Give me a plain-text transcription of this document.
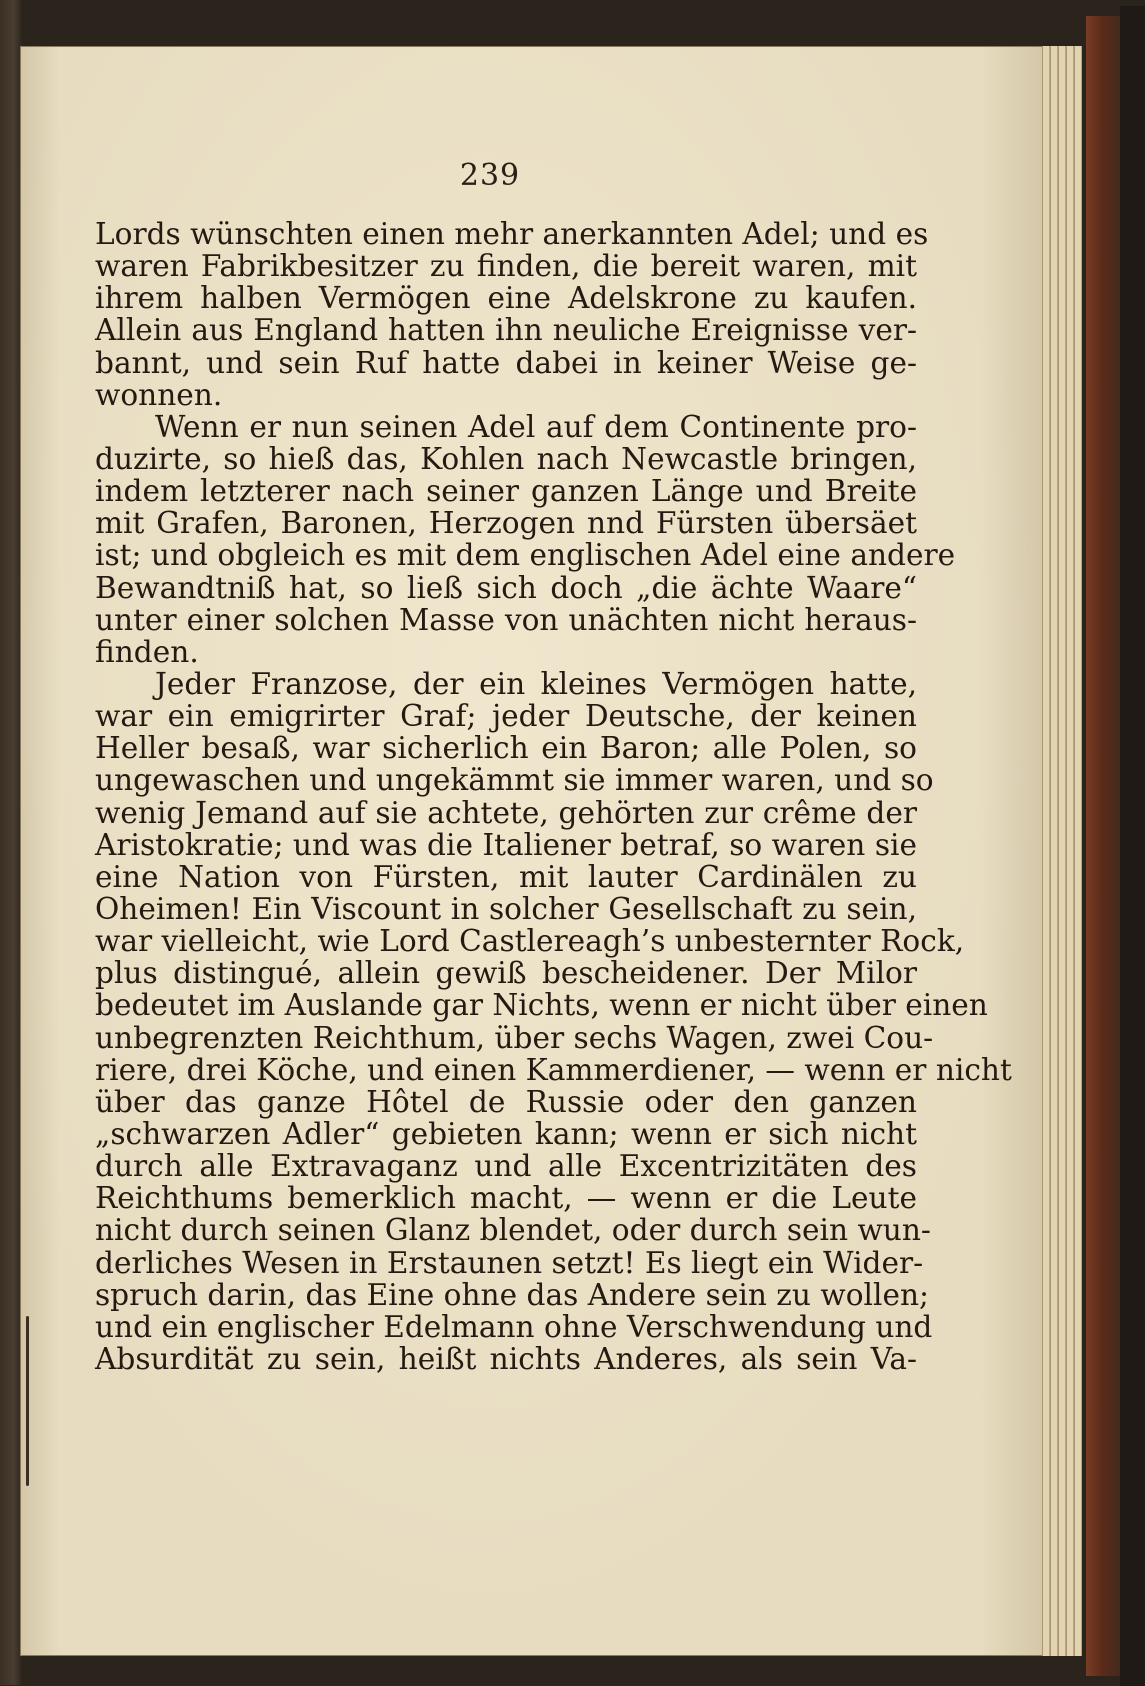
239
Lords wünschten einen mehr anerkannten Adel; und es
waren Fabrikbesitzer zu finden, die bereit waren, mit
ihrem halben Vermögen eine Adelskrone zu kaufen.
Allein aus England hatten ihn neuliche Ereignisse ver-
bannt, und sein Ruf hatte dabei in keiner Weise ge-
wonnen.
Wenn er nun seinen Adel auf dem Continente pro-
duzirte, so hieß das, Kohlen nach Newcastle bringen,
indem letzterer nach seiner ganzen Länge und Breite
mit Grafen, Baronen, Herzogen nnd Fürsten übersäet
ist; und obgleich es mit dem englischen Adel eine andere
Bewandtniß hat, so ließ sich doch „die ächte Waare“
unter einer solchen Masse von unächten nicht heraus-
finden.
Jeder Franzose, der ein kleines Vermögen hatte,
war ein emigrirter Graf; jeder Deutsche, der keinen
Heller besaß, war sicherlich ein Baron; alle Polen, so
ungewaschen und ungekämmt sie immer waren, und so
wenig Jemand auf sie achtete, gehörten zur crême der
Aristokratie; und was die Italiener betraf, so waren sie
eine Nation von Fürsten, mit lauter Cardinälen zu
Oheimen! Ein Viscount in solcher Gesellschaft zu sein,
war vielleicht, wie Lord Castlereagh’s unbesternter Rock,
plus distingué, allein gewiß bescheidener. Der Milor
bedeutet im Auslande gar Nichts, wenn er nicht über einen
unbegrenzten Reichthum, über sechs Wagen, zwei Cou-
riere, drei Köche, und einen Kammerdiener, — wenn er nicht
über das ganze Hôtel de Russie oder den ganzen
„schwarzen Adler“ gebieten kann; wenn er sich nicht
durch alle Extravaganz und alle Excentrizitäten des
Reichthums bemerklich macht, — wenn er die Leute
nicht durch seinen Glanz blendet, oder durch sein wun-
derliches Wesen in Erstaunen setzt! Es liegt ein Wider-
spruch darin, das Eine ohne das Andere sein zu wollen;
und ein englischer Edelmann ohne Verschwendung und
Absurdität zu sein, heißt nichts Anderes, als sein Va-
